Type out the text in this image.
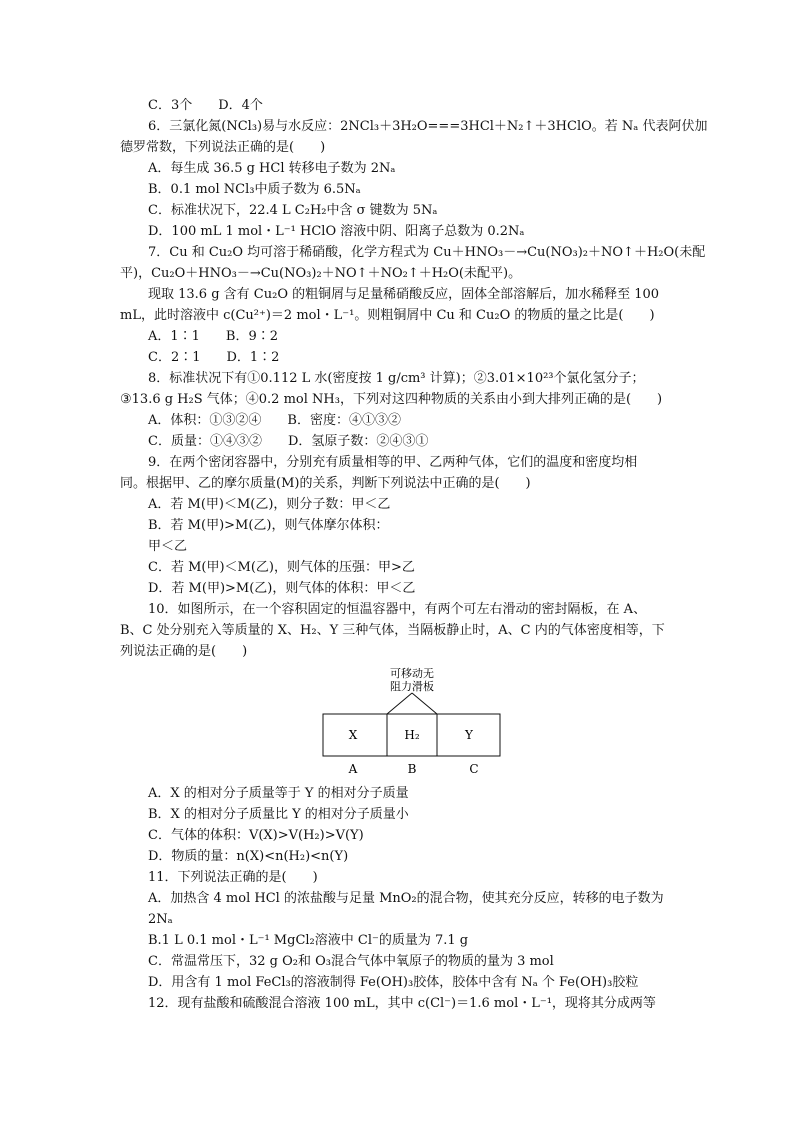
C．3个　　D．4个
6．三氯化氮(NCl₃)易与水反应：2NCl₃＋3H₂O===3HCl＋N₂↑＋3HClO。若 Nₐ 代表阿伏加
德罗常数，下列说法正确的是(　　)
A．每生成 36.5 g HCl 转移电子数为 2Nₐ
B．0.1 mol NCl₃中质子数为 6.5Nₐ
C．标准状况下，22.4 L C₂H₂中含 σ 键数为 5Nₐ
D．100 mL 1 mol・L⁻¹ HClO 溶液中阴、阳离子总数为 0.2Nₐ
7．Cu 和 Cu₂O 均可溶于稀硝酸，化学方程式为 Cu＋HNO₃－→Cu(NO₃)₂＋NO↑＋H₂O(未配
平)，Cu₂O＋HNO₃－→Cu(NO₃)₂＋NO↑＋NO₂↑＋H₂O(未配平)。
现取 13.6 g 含有 Cu₂O 的粗铜屑与足量稀硝酸反应，固体全部溶解后，加水稀释至 100
mL，此时溶液中 c(Cu²⁺)＝2 mol・L⁻¹。则粗铜屑中 Cu 和 Cu₂O 的物质的量之比是(　　)
A．1∶1　　B．9∶2
C．2∶1　　D．1∶2
8．标准状况下有①0.112 L 水(密度按 1 g/cm³ 计算)；②3.01×10²³个氯化氢分子；
③13.6 g H₂S 气体；④0.2 mol NH₃，下列对这四种物质的关系由小到大排列正确的是(　　)
A．体积：①③②④　　B．密度：④①③②
C．质量：①④③②　　D．氢原子数：②④③①
9．在两个密闭容器中，分别充有质量相等的甲、乙两种气体，它们的温度和密度均相
同。根据甲、乙的摩尔质量(M)的关系，判断下列说法中正确的是(　　)
A．若 M(甲)＜M(乙)，则分子数：甲＜乙
B．若 M(甲)>M(乙)，则气体摩尔体积：
甲＜乙
C．若 M(甲)＜M(乙)，则气体的压强：甲>乙
D．若 M(甲)>M(乙)，则气体的体积：甲＜乙
10．如图所示，在一个容积固定的恒温容器中，有两个可左右滑动的密封隔板，在 A、
B、C 处分别充入等质量的 X、H₂、Y 三种气体，当隔板静止时，A、C 内的气体密度相等，下
列说法正确的是(　　)
可移动无
阻力滑板
X	H₂	Y
A	B	C
A．X 的相对分子质量等于 Y 的相对分子质量
B．X 的相对分子质量比 Y 的相对分子质量小
C．气体的体积：V(X)>V(H₂)>V(Y)
D．物质的量：n(X)<n(H₂)<n(Y)
11．下列说法正确的是(　　)
A．加热含 4 mol HCl 的浓盐酸与足量 MnO₂的混合物，使其充分反应，转移的电子数为
2Nₐ
B.1 L 0.1 mol・L⁻¹ MgCl₂溶液中 Cl⁻的质量为 7.1 g
C．常温常压下，32 g O₂和 O₃混合气体中氧原子的物质的量为 3 mol
D．用含有 1 mol FeCl₃的溶液制得 Fe(OH)₃胶体，胶体中含有 Nₐ 个 Fe(OH)₃胶粒
12．现有盐酸和硫酸混合溶液 100 mL，其中 c(Cl⁻)＝1.6 mol・L⁻¹，现将其分成两等
